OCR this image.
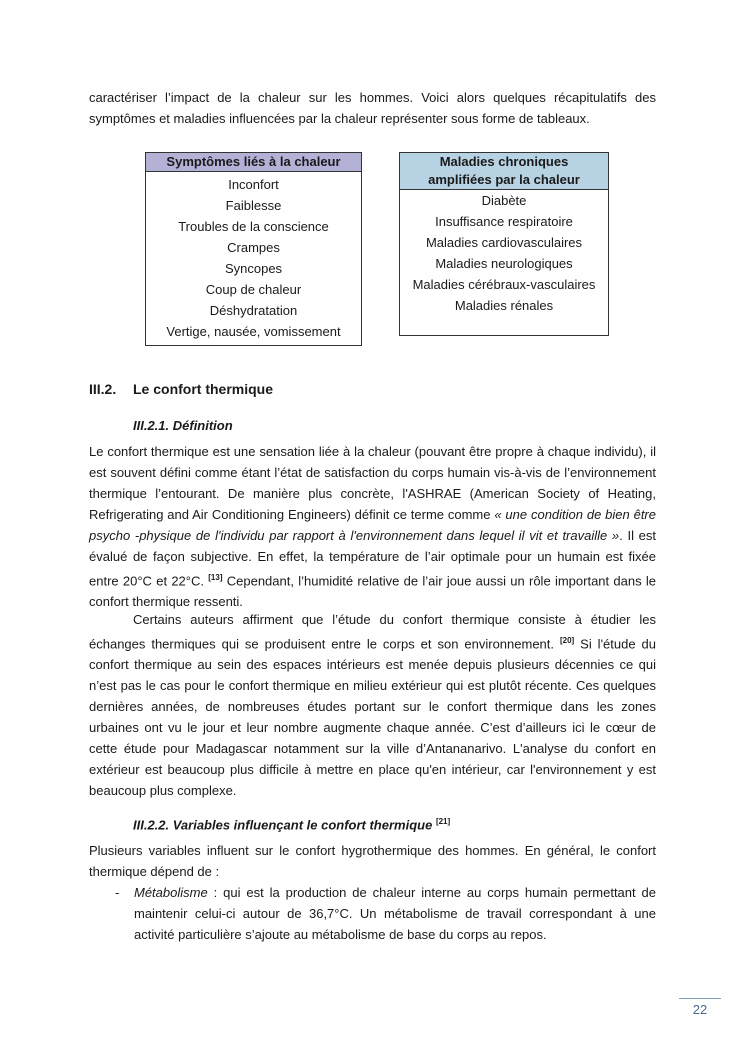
caractériser l’impact de la chaleur sur les hommes. Voici alors quelques récapitulatifs des symptômes et maladies influencées par la chaleur représenter sous forme de tableaux.

Symptômes liés à la chaleur
Inconfort
Faiblesse
Troubles de la conscience
Crampes
Syncopes
Coup de chaleur
Déshydratation
Vertige, nausée, vomissement
Maladies chroniques
amplifiées par la chaleur
Diabète
Insuffisance respiratoire
Maladies cardiovasculaires
Maladies neurologiques
Maladies cérébraux-vasculaires
Maladies rénales
III.2. Le confort thermique
III.2.1. Définition

Le confort thermique est une sensation liée à la chaleur (pouvant être propre à chaque individu), il est souvent défini comme étant l’état de satisfaction du corps humain vis-à-vis de l’environnement thermique l’entourant. De manière plus concrète, l'ASHRAE (American Society of Heating, Refrigerating and Air Conditioning Engineers) définit ce terme comme « une condition de bien être psycho -physique de l'individu par rapport à l'environnement dans lequel il vit et travaille ». Il est évalué de façon subjective. En effet, la température de l’air optimale pour un humain est fixée entre 20°C et 22°C. [13] Cependant, l’humidité relative de l’air joue aussi un rôle important dans le confort thermique ressenti.

Certains auteurs affirment que l’étude du confort thermique consiste à étudier les échanges thermiques qui se produisent entre le corps et son environnement. [20] Si l'étude du confort thermique au sein des espaces intérieurs est menée depuis plusieurs décennies ce qui n’est pas le cas pour le confort thermique en milieu extérieur qui est plutôt récente. Ces quelques dernières années, de nombreuses études portant sur le confort thermique dans les zones urbaines ont vu le jour et leur nombre augmente chaque année. C’est d’ailleurs ici le cœur de cette étude pour Madagascar notamment sur la ville d’Antananarivo. L'analyse du confort en extérieur est beaucoup plus difficile à mettre en place qu'en intérieur, car l'environnement y est beaucoup plus complexe.

III.2.2. Variables influençant le confort thermique [21]

Plusieurs variables influent sur le confort hygrothermique des hommes. En général, le confort thermique dépend de :

- Métabolisme : qui est la production de chaleur interne au corps humain permettant de maintenir celui-ci autour de 36,7°C. Un métabolisme de travail correspondant à une activité particulière s’ajoute au métabolisme de base du corps au repos.
22
